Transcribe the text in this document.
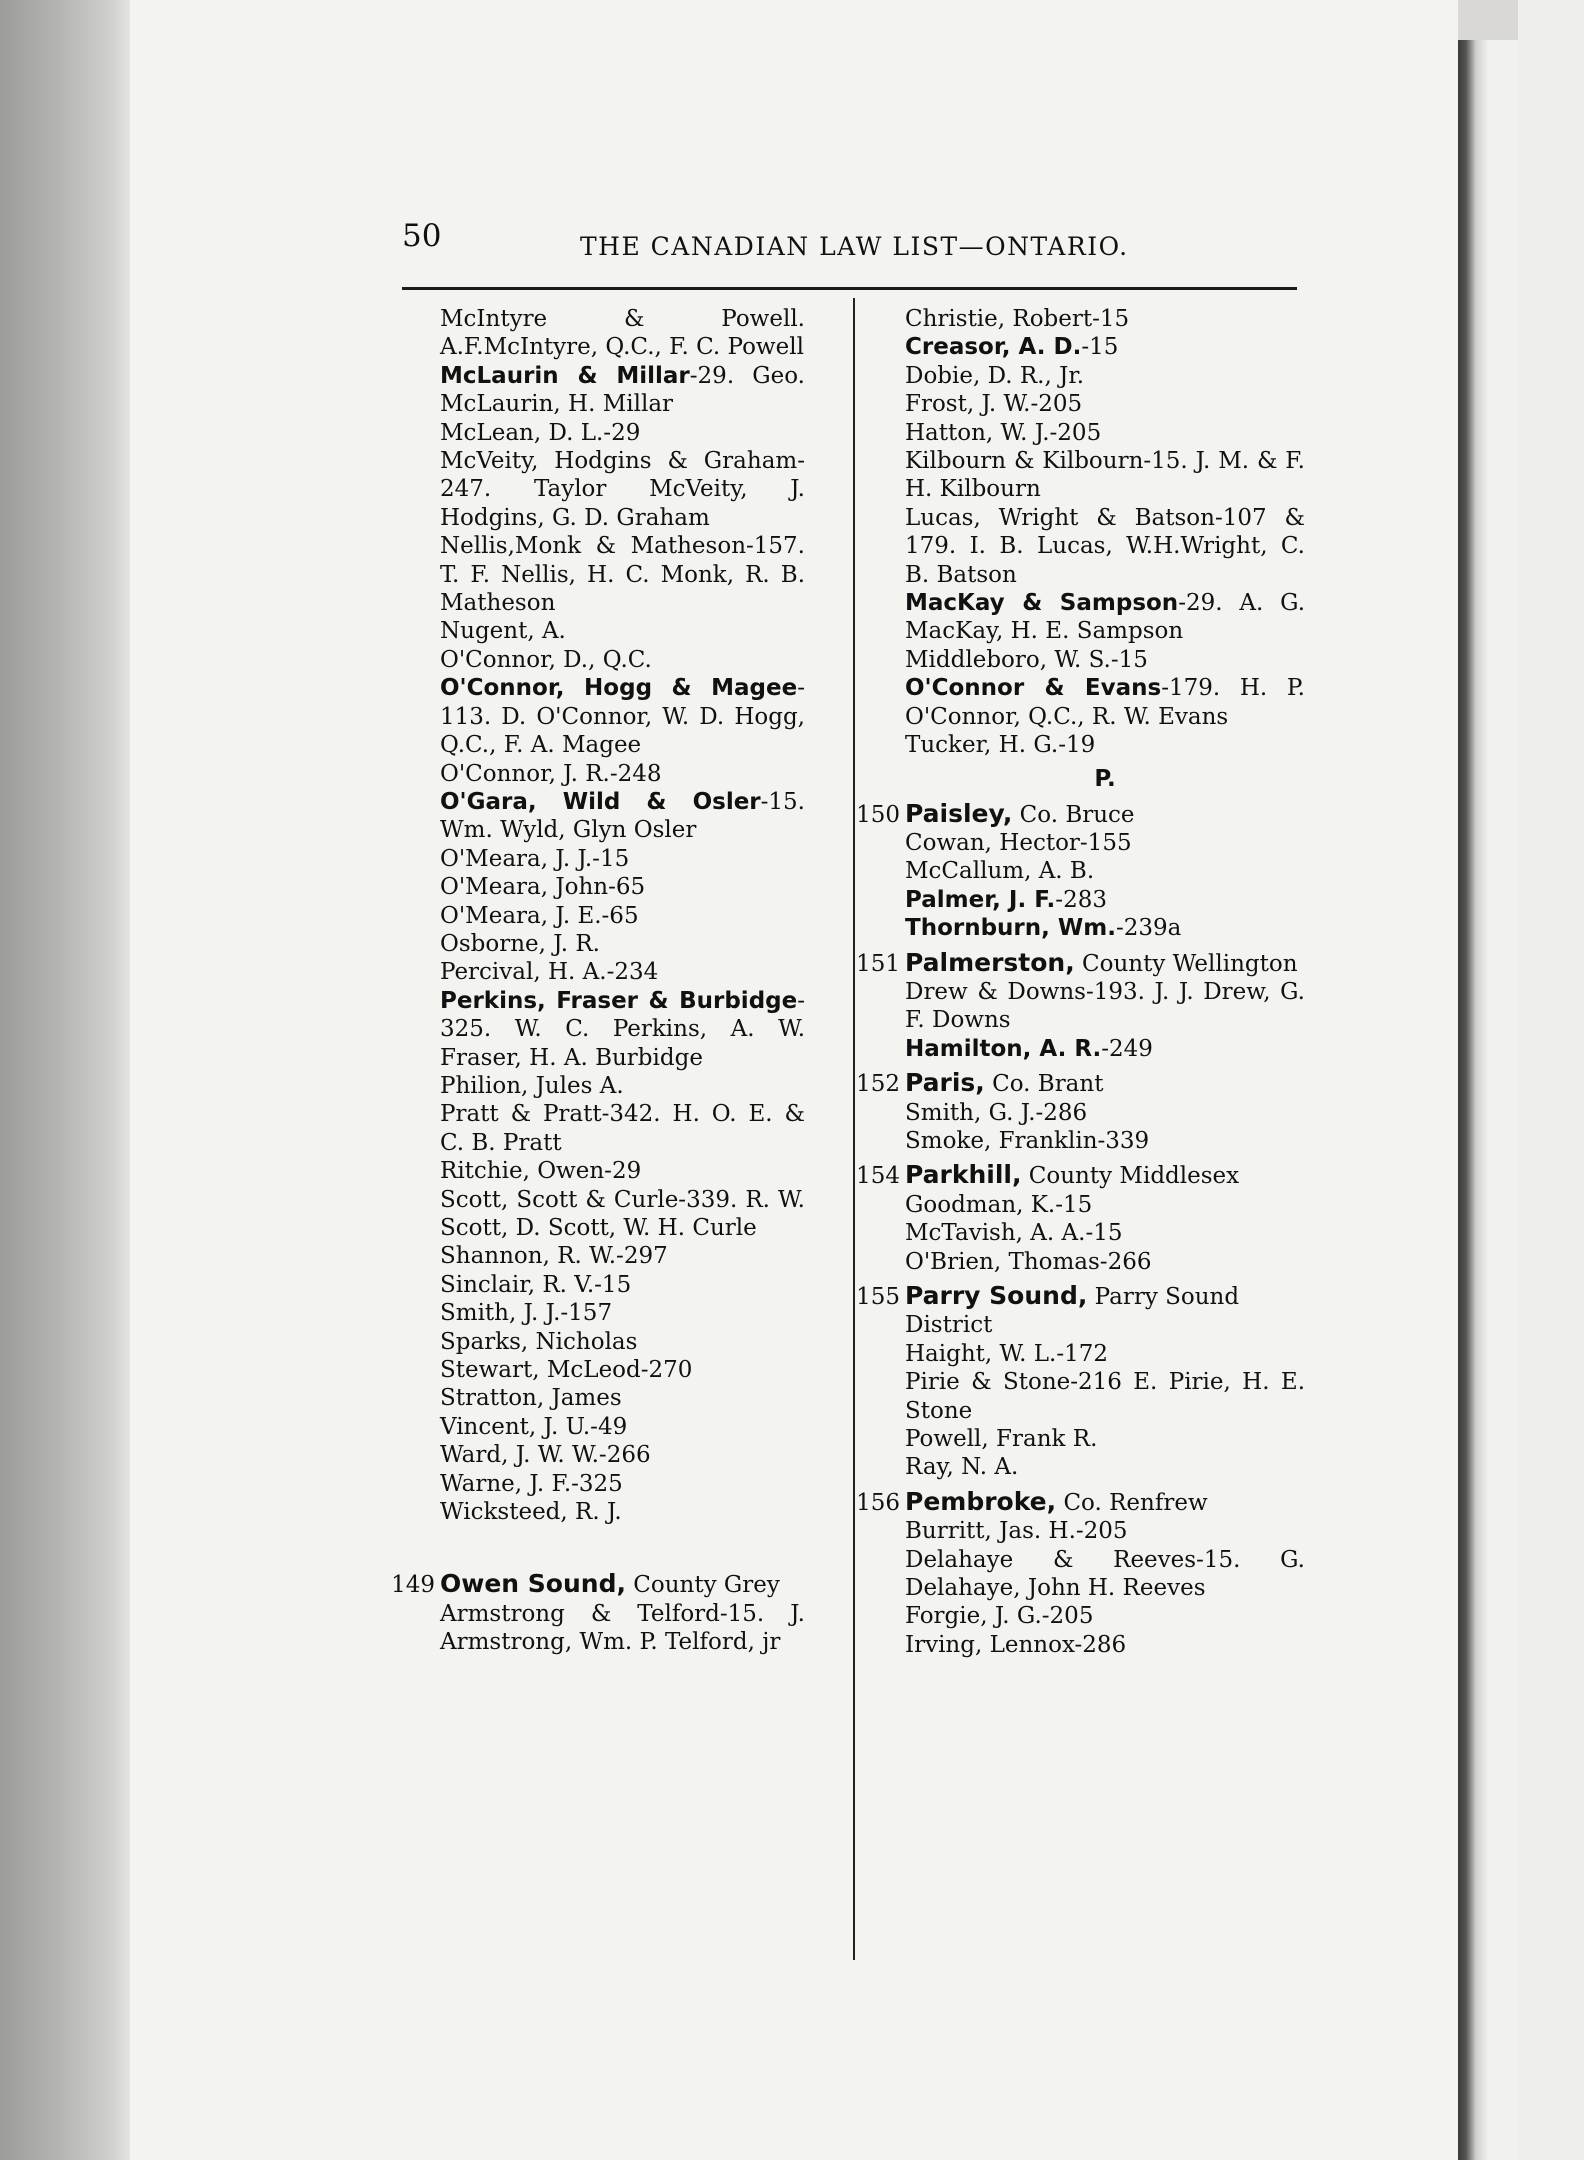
50	THE CANADIAN LAW LIST—ONTARIO.
McIntyre & Powell. A.F.McIntyre, Q.C., F. C. Powell
McLaurin & Millar-29. Geo. McLaurin, H. Millar
McLean, D. L.-29
McVeity, Hodgins & Graham-247. Taylor McVeity, J. Hodgins, G. D. Graham
Nellis,Monk & Matheson-157. T. F. Nellis, H. C. Monk, R. B. Matheson
Nugent, A.
O'Connor, D., Q.C.
O'Connor, Hogg & Magee-113. D. O'Connor, W. D. Hogg, Q.C., F. A. Magee
O'Connor, J. R.-248
O'Gara, Wild & Osler-15. Wm. Wyld, Glyn Osler
O'Meara, J. J.-15
O'Meara, John-65
O'Meara, J. E.-65
Osborne, J. R.
Percival, H. A.-234
Perkins, Fraser & Burbidge-325. W. C. Perkins, A. W. Fraser, H. A. Burbidge
Philion, Jules A.
Pratt & Pratt-342. H. O. E. & C. B. Pratt
Ritchie, Owen-29
Scott, Scott & Curle-339. R. W. Scott, D. Scott, W. H. Curle
Shannon, R. W.-297
Sinclair, R. V.-15
Smith, J. J.-157
Sparks, Nicholas
Stewart, McLeod-270
Stratton, James
Vincent, J. U.-49
Ward, J. W. W.-266
Warne, J. F.-325
Wicksteed, R. J.
149 Owen Sound, County Grey
Armstrong & Telford-15. J. Armstrong, Wm. P. Telford, jr
Christie, Robert-15
Creasor, A. D.-15
Dobie, D. R., Jr.
Frost, J. W.-205
Hatton, W. J.-205
Kilbourn & Kilbourn-15. J. M. & F. H. Kilbourn
Lucas, Wright & Batson-107 & 179. I. B. Lucas, W.H.Wright, C. B. Batson
MacKay & Sampson-29. A. G. MacKay, H. E. Sampson
Middleboro, W. S.-15
O'Connor & Evans-179. H. P. O'Connor, Q.C., R. W. Evans
Tucker, H. G.-19
P.
150 Paisley, Co. Bruce
Cowan, Hector-155
McCallum, A. B.
Palmer, J. F.-283
Thornburn, Wm.-239a
151 Palmerston, County Wellington
Drew & Downs-193. J. J. Drew, G. F. Downs
Hamilton, A. R.-249
152 Paris, Co. Brant
Smith, G. J.-286
Smoke, Franklin-339
154 Parkhill, County Middlesex
Goodman, K.-15
McTavish, A. A.-15
O'Brien, Thomas-266
155 Parry Sound, Parry Sound District
Haight, W. L.-172
Pirie & Stone-216 E. Pirie, H. E. Stone
Powell, Frank R.
Ray, N. A.
156 Pembroke, Co. Renfrew
Burritt, Jas. H.-205
Delahaye & Reeves-15. G. Delahaye, John H. Reeves
Forgie, J. G.-205
Irving, Lennox-286
